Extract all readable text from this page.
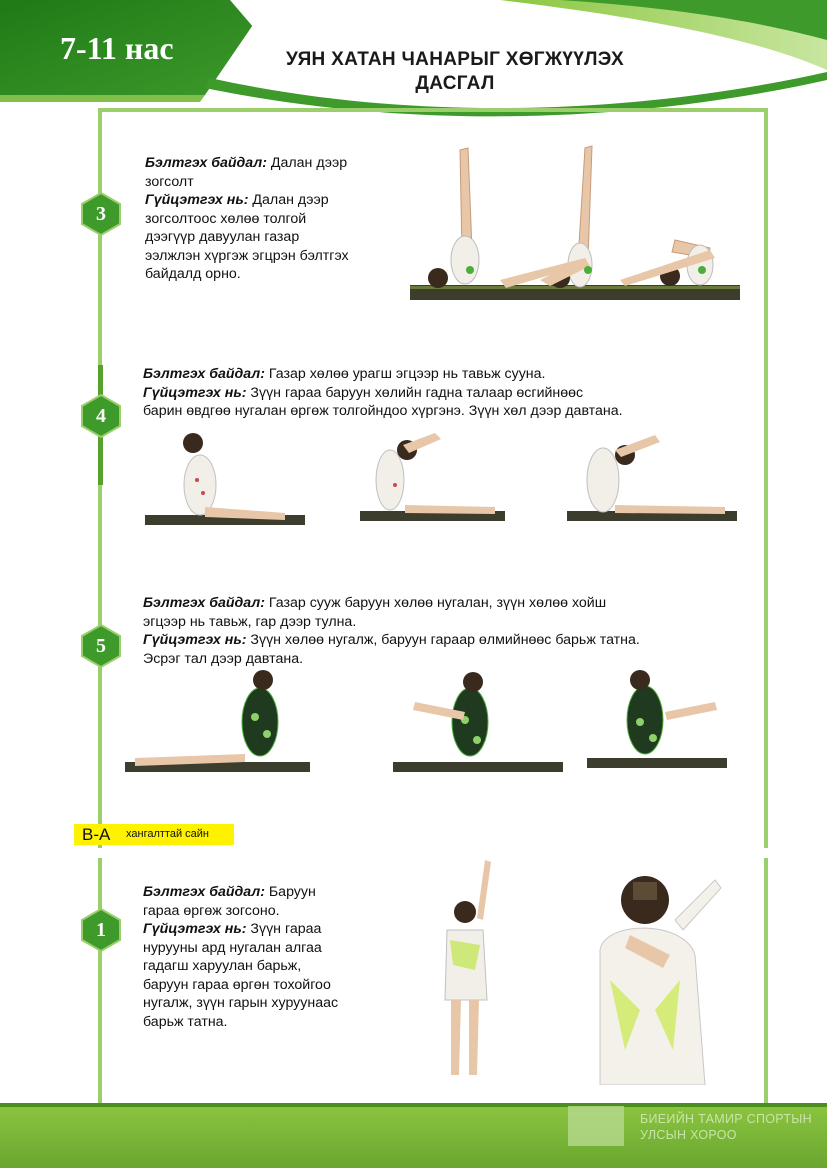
7-11 нас	УЯН ХАТАН ЧАНАРЫГ ХӨГЖҮҮЛЭХ
ДАСГАЛ
3
Бэлтгэх байдал: Далан дээр
зогсолт
Гүйцэтгэх нь: Далан дээр
зогсолтоос хөлөө толгой
дээгүүр давуулан газар
ээлжлэн хүргэж эгцрэн бэлтгэх
байдалд орно.
4
Бэлтгэх байдал: Газар хөлөө урагш эгцээр нь тавьж сууна.
Гүйцэтгэх нь: Зүүн гараа баруун хөлийн гадна талаар өсгийнөөс
барин өвдгөө нугалан өргөж толгойндоо хүргэнэ. Зүүн хөл дээр давтана.
5
Бэлтгэх байдал: Газар сууж баруун хөлөө нугалан, зүүн хөлөө хойш
эгцээр нь тавьж, гар дээр тулна.
Гүйцэтгэх нь: Зүүн хөлөө нугалж, баруун гараар өлмийнөөс барьж татна.
Эсрэг тал дээр давтана.
B-A хангалттай сайн
1
Бэлтгэх байдал: Баруун
гараа өргөж зогсоно.
Гүйцэтгэх нь: Зүүн гараа
нурууны ард нугалан алгаа
гадагш харуулан барьж,
баруун гараа өргөн тохойгоо
нугалж, зүүн гарын хуруунаас
барьж татна.
БИЕИЙН ТАМИР СПОРТЫН
УЛСЫН ХОРОО
